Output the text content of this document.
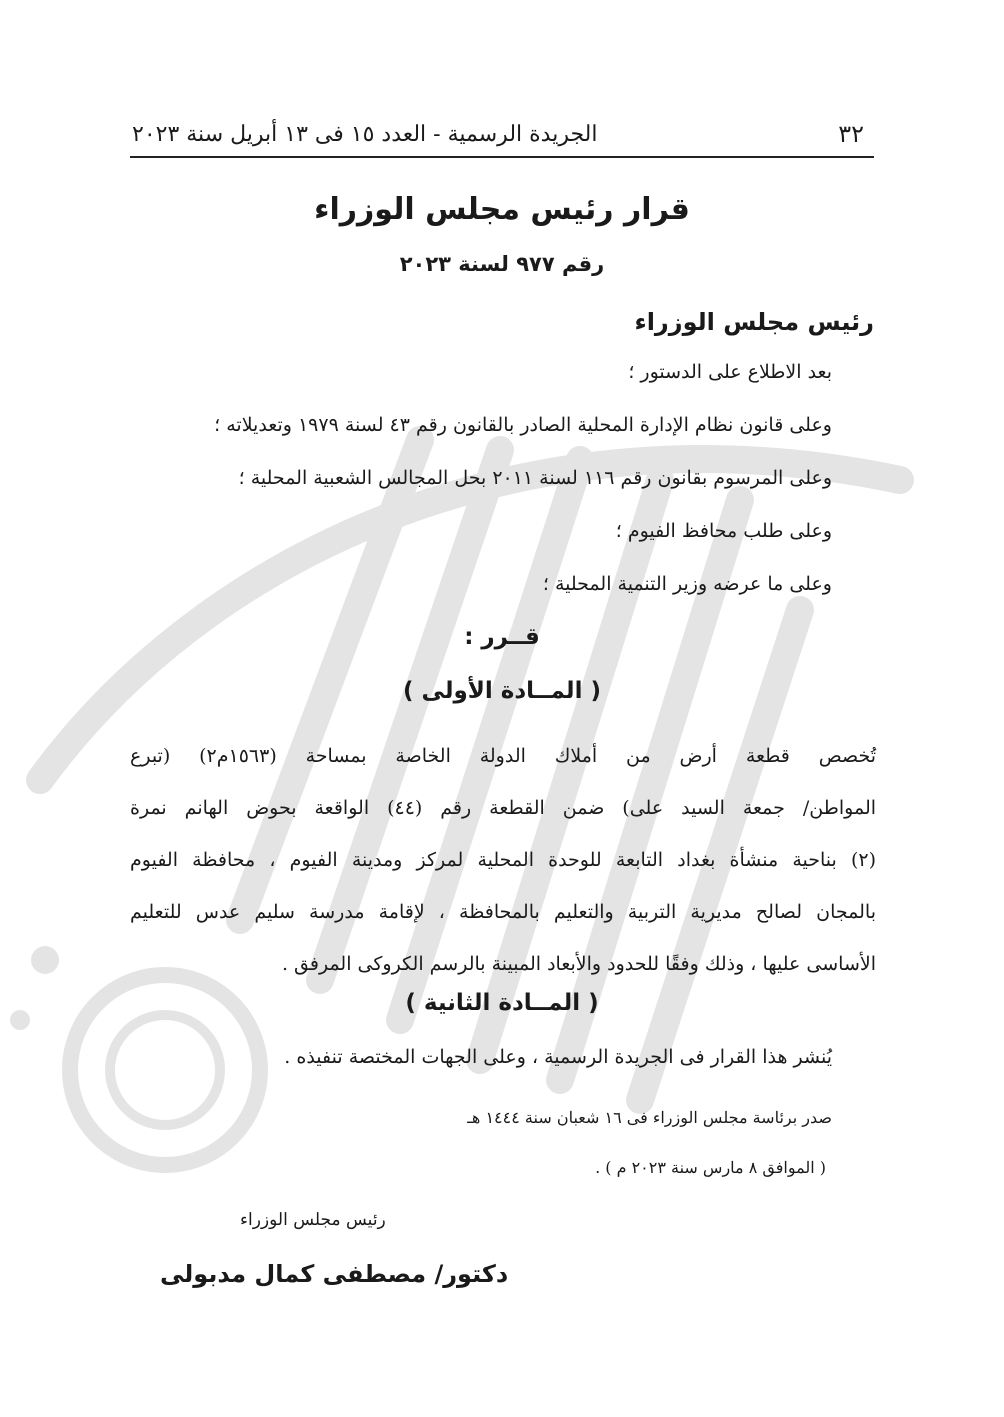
٣٢
الجريدة الرسمية - العدد ١٥ فى ١٣ أبريل سنة ٢٠٢٣
قرار رئيس مجلس الوزراء
رقم ٩٧٧ لسنة ٢٠٢٣
رئيس مجلس الوزراء
بعد الاطلاع على الدستور ؛
وعلى قانون نظام الإدارة المحلية الصادر بالقانون رقم ٤٣ لسنة ١٩٧٩ وتعديلاته ؛
وعلى المرسوم بقانون رقم ١١٦ لسنة ٢٠١١ بحل المجالس الشعبية المحلية ؛
وعلى طلب محافظ الفيوم ؛
وعلى ما عرضه وزير التنمية المحلية ؛
قــرر :
( المــادة الأولى )
تُخصص قطعة أرض من أملاك الدولة الخاصة بمساحة (١٥٦٣م٢) (تبرع
المواطن/ جمعة السيد على) ضمن القطعة رقم (٤٤) الواقعة بحوض الهانم نمرة
(٢) بناحية منشأة بغداد التابعة للوحدة المحلية لمركز ومدينة الفيوم ، محافظة الفيوم
بالمجان لصالح مديرية التربية والتعليم بالمحافظة ، لإقامة مدرسة سليم عدس للتعليم
الأساسى عليها ، وذلك وفقًا للحدود والأبعاد المبينة بالرسم الكروكى المرفق .
( المــادة الثانية )
يُنشر هذا القرار فى الجريدة الرسمية ، وعلى الجهات المختصة تنفيذه .
صدر برئاسة مجلس الوزراء فى ١٦ شعبان سنة ١٤٤٤ هـ
( الموافق ٨ مارس سنة ٢٠٢٣ م ) .
رئيس مجلس الوزراء
دكتور/ مصطفى كمال مدبولى
